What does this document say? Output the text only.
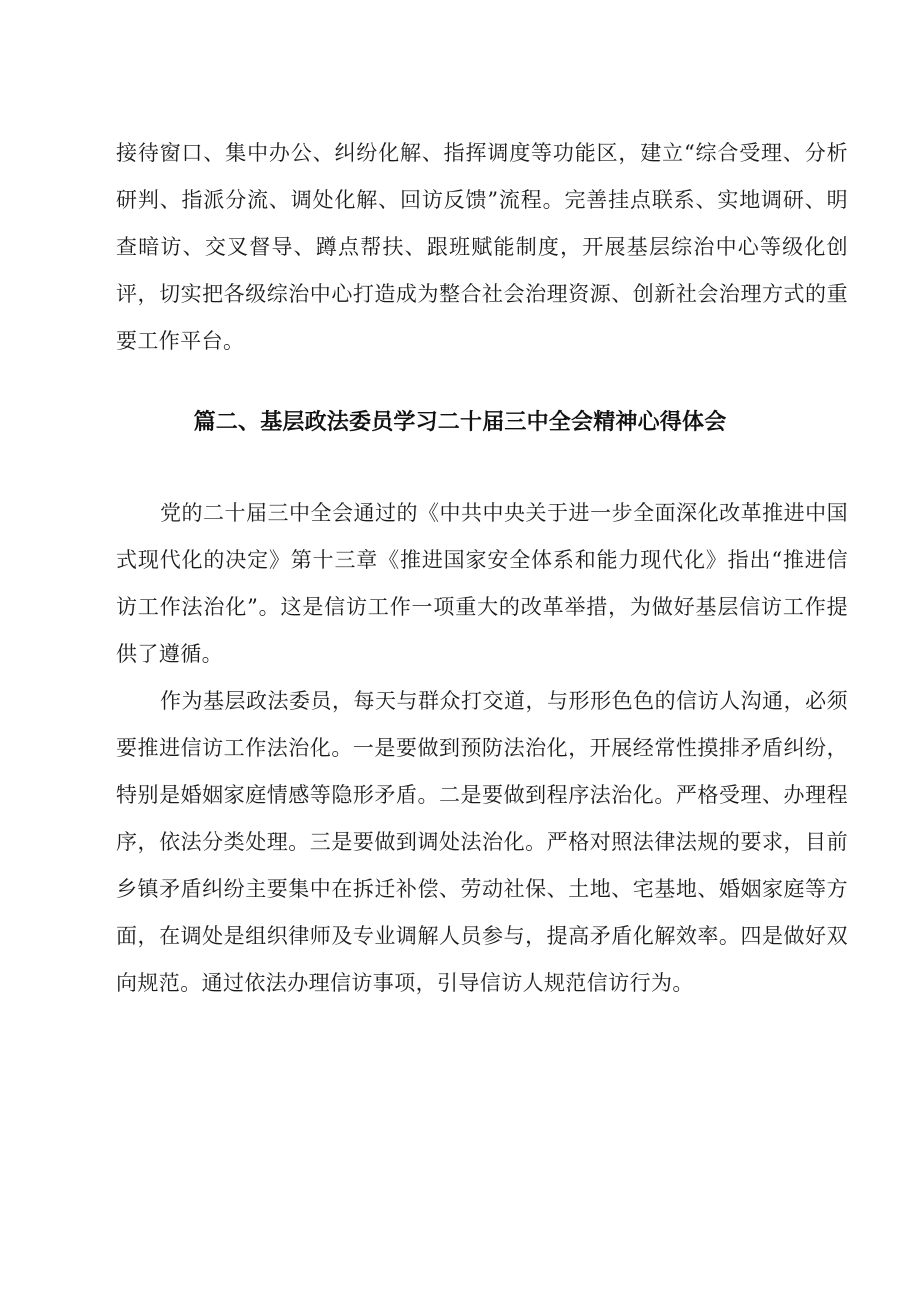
接待窗口、集中办公、纠纷化解、指挥调度等功能区，建立“综合受理、分析研判、指派分流、调处化解、回访反馈”流程。完善挂点联系、实地调研、明查暗访、交叉督导、蹲点帮扶、跟班赋能制度，开展基层综治中心等级化创评，切实把各级综治中心打造成为整合社会治理资源、创新社会治理方式的重要工作平台。

篇二、基层政法委员学习二十届三中全会精神心得体会

党的二十届三中全会通过的《中共中央关于进一步全面深化改革推进中国式现代化的决定》第十三章《推进国家安全体系和能力现代化》指出“推进信访工作法治化”。这是信访工作一项重大的改革举措，为做好基层信访工作提供了遵循。

作为基层政法委员，每天与群众打交道，与形形色色的信访人沟通，必须要推进信访工作法治化。一是要做到预防法治化，开展经常性摸排矛盾纠纷，特别是婚姻家庭情感等隐形矛盾。二是要做到程序法治化。严格受理、办理程序，依法分类处理。三是要做到调处法治化。严格对照法律法规的要求，目前乡镇矛盾纠纷主要集中在拆迁补偿、劳动社保、土地、宅基地、婚姻家庭等方面，在调处是组织律师及专业调解人员参与，提高矛盾化解效率。四是做好双向规范。通过依法办理信访事项，引导信访人规范信访行为。
